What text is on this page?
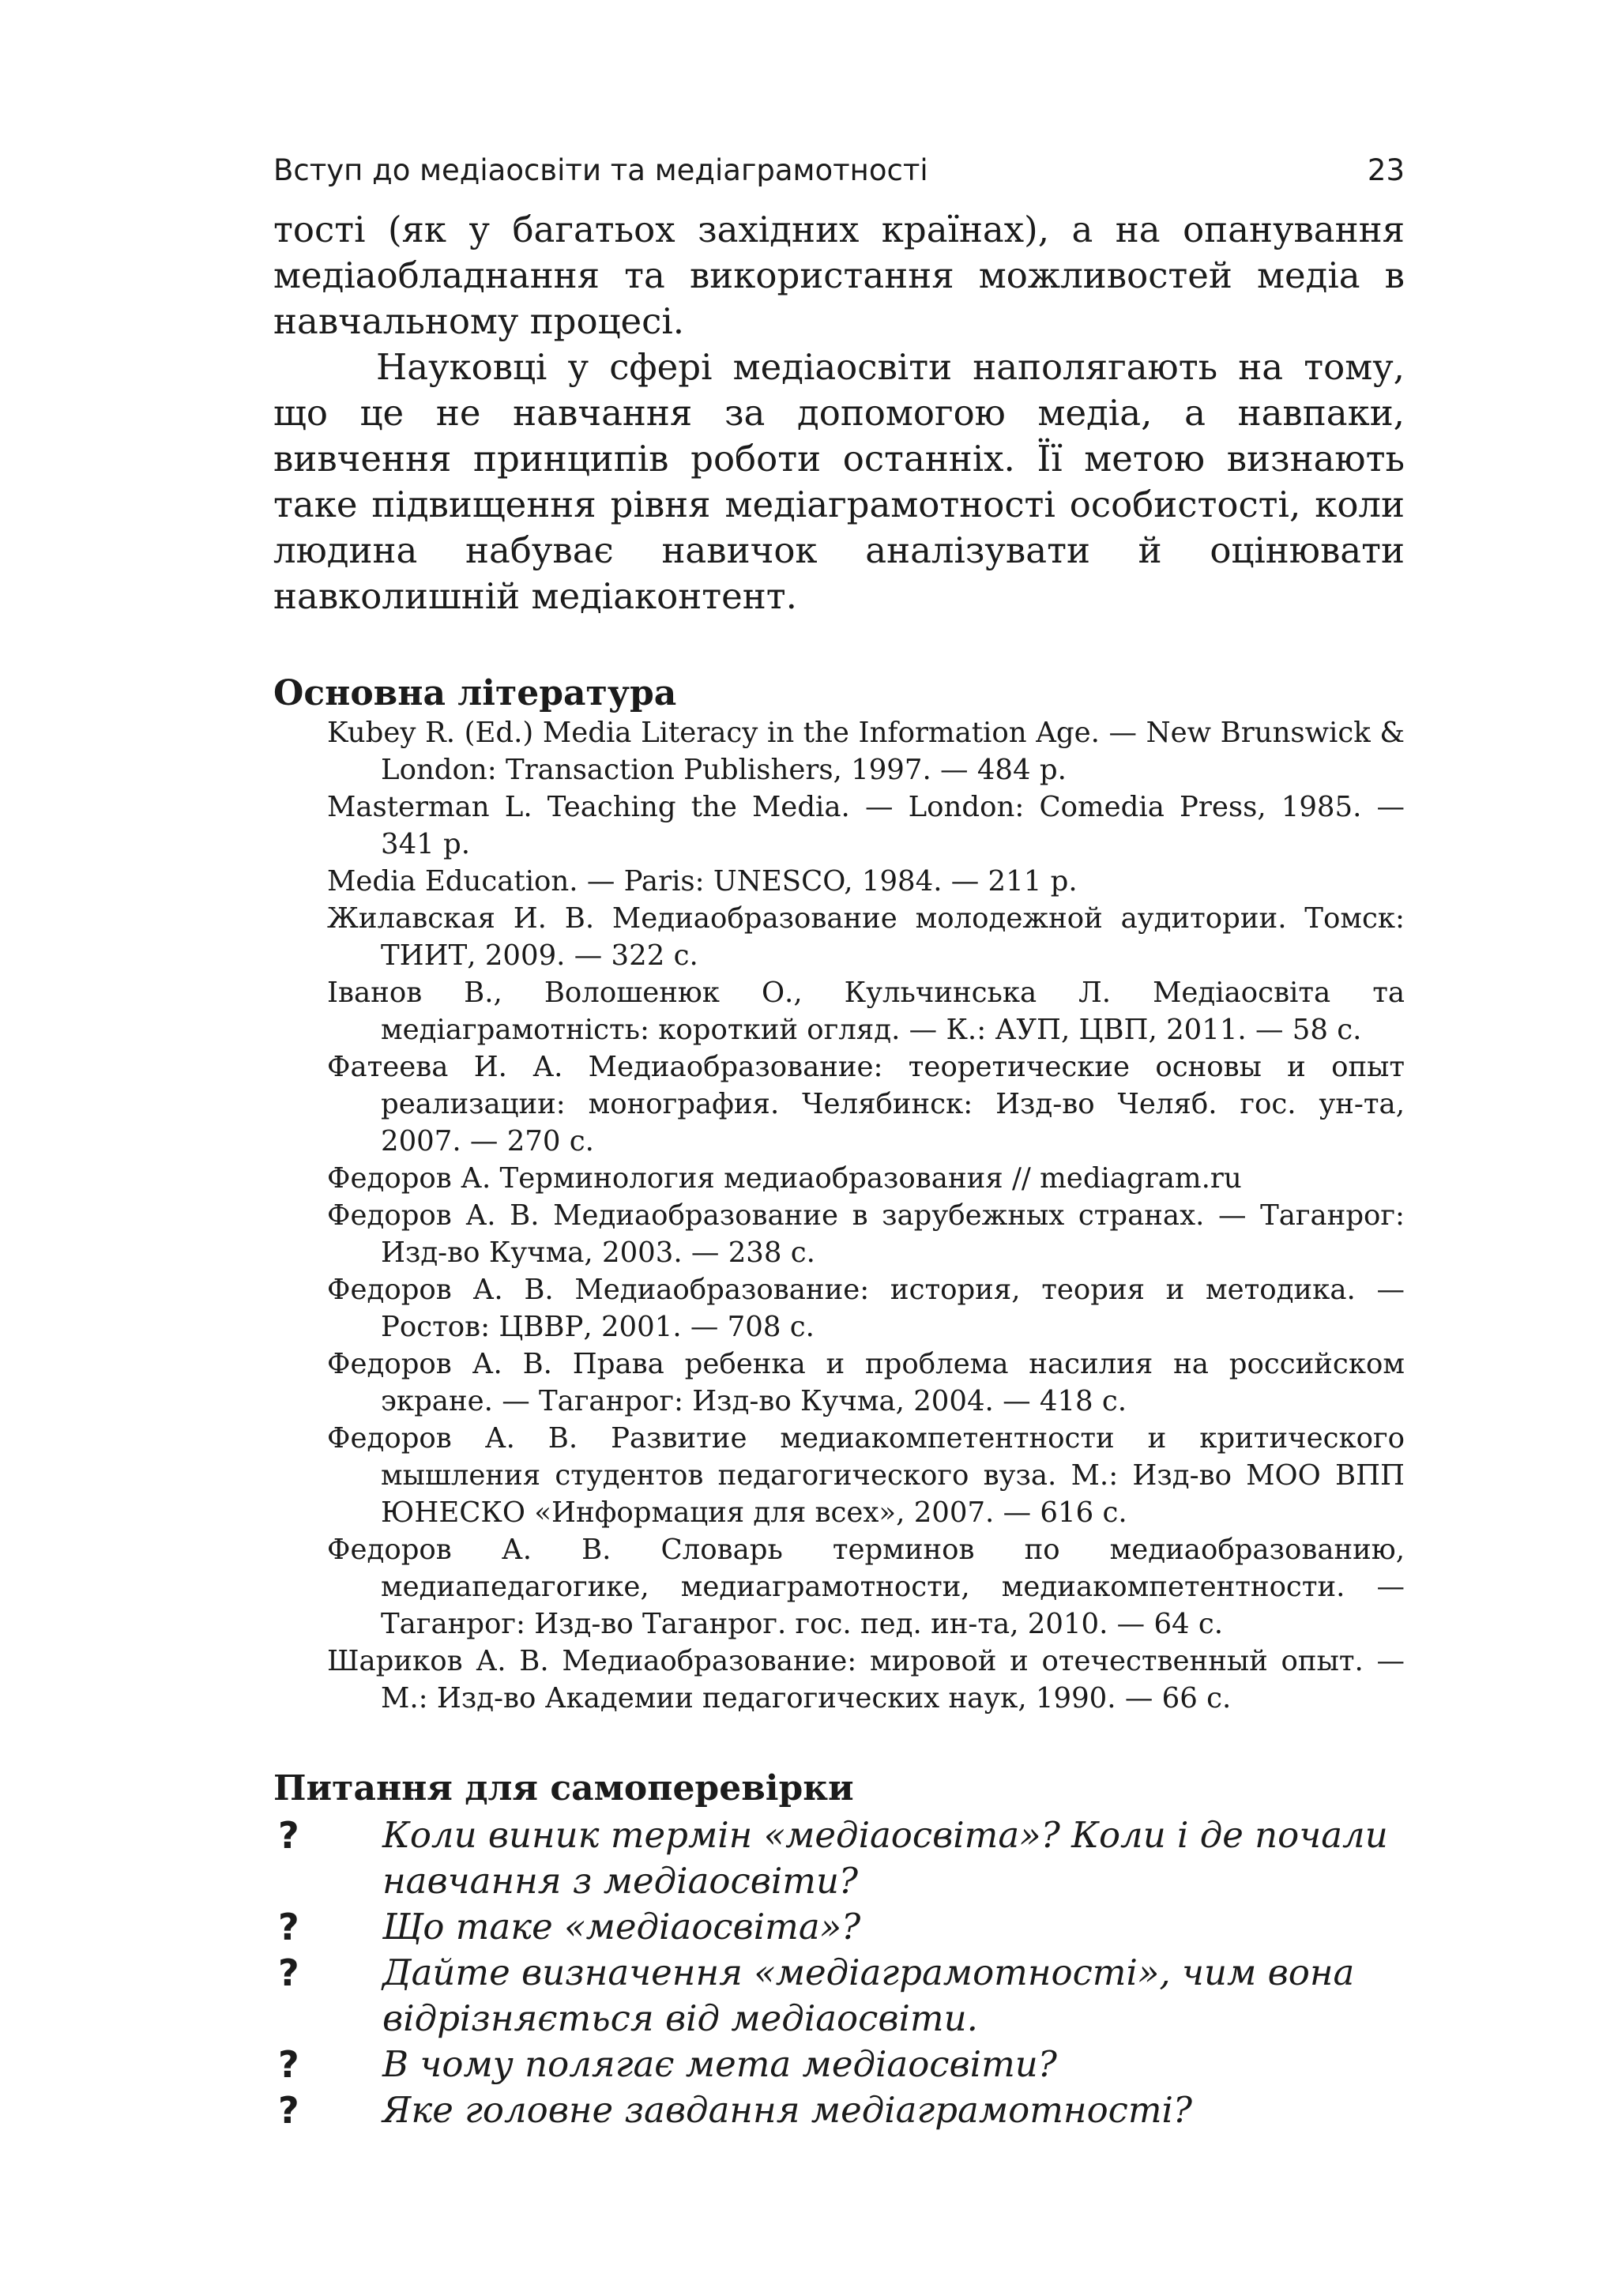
Вступ до медіаосвіти та медіаграмотності	23

тості (як у багатьох західних країнах), а на опанування медіаобладнання та використання можливостей медіа в навчальному процесі.

Науковці у сфері медіаосвіти наполягають на тому, що це не навчання за допомогою медіа, а навпаки, вивчення принципів роботи останніх. Її метою визнають таке підвищення рівня медіаграмотності особистості, коли людина набуває навичок аналізувати й оцінювати навколишній медіаконтент.

Основна література

Kubey R. (Ed.) Media Literacy in the Information Age. — New Brunswick & London: Transaction Publishers, 1997. — 484 p.

Masterman L. Teaching the Media. — London: Comedia Press, 1985. — 341 p.

Media Education. — Paris: UNESCO, 1984. — 211 p.

Жилавская И. В. Медиаобразование молодежной аудитории. Томск: ТИИТ, 2009. — 322 с.

Іванов В., Волошенюк О., Кульчинська Л. Медіаосвіта та медіаграмотність: короткий огляд. — К.: АУП, ЦВП, 2011. — 58 с.

Фатеева И. А. Медиаобразование: теоретические основы и опыт реализации: монография. Челябинск: Изд-во Челяб. гос. ун-та, 2007. — 270 с.

Федоров А. Терминология медиаобразования // mediagram.ru

Федоров А. В. Медиаобразование в зарубежных странах. — Таганрог: Изд-во Кучма, 2003. — 238 с.

Федоров А. В. Медиаобразование: история, теория и методика. — Ростов: ЦВВР, 2001. — 708 с.

Федоров А. В. Права ребенка и проблема насилия на российском экране. — Таганрог: Изд-во Кучма, 2004. — 418 с.

Федоров А. В. Развитие медиакомпетентности и критического мышления студентов педагогического вуза. М.: Изд-во МОО ВПП ЮНЕСКО «Информация для всех», 2007. — 616 с.

Федоров А. В. Словарь терминов по медиаобразованию, медиапедагогике, медиаграмотности, медиакомпетентности. — Таганрог: Изд-во Таганрог. гос. пед. ин-та, 2010. — 64 с.

Шариков А. В. Медиаобразование: мировой и отечественный опыт. — М.: Изд-во Академии педагогических наук, 1990. — 66 с.

Питання для самоперевірки

? Коли виник термін «медіаосвіта»? Коли і де почали навчання з медіаосвіти?

? Що таке «медіаосвіта»?

? Дайте визначення «медіаграмотності», чим вона відрізняється від медіаосвіти.

? В чому полягає мета медіаосвіти?

? Яке головне завдання медіаграмотності?
